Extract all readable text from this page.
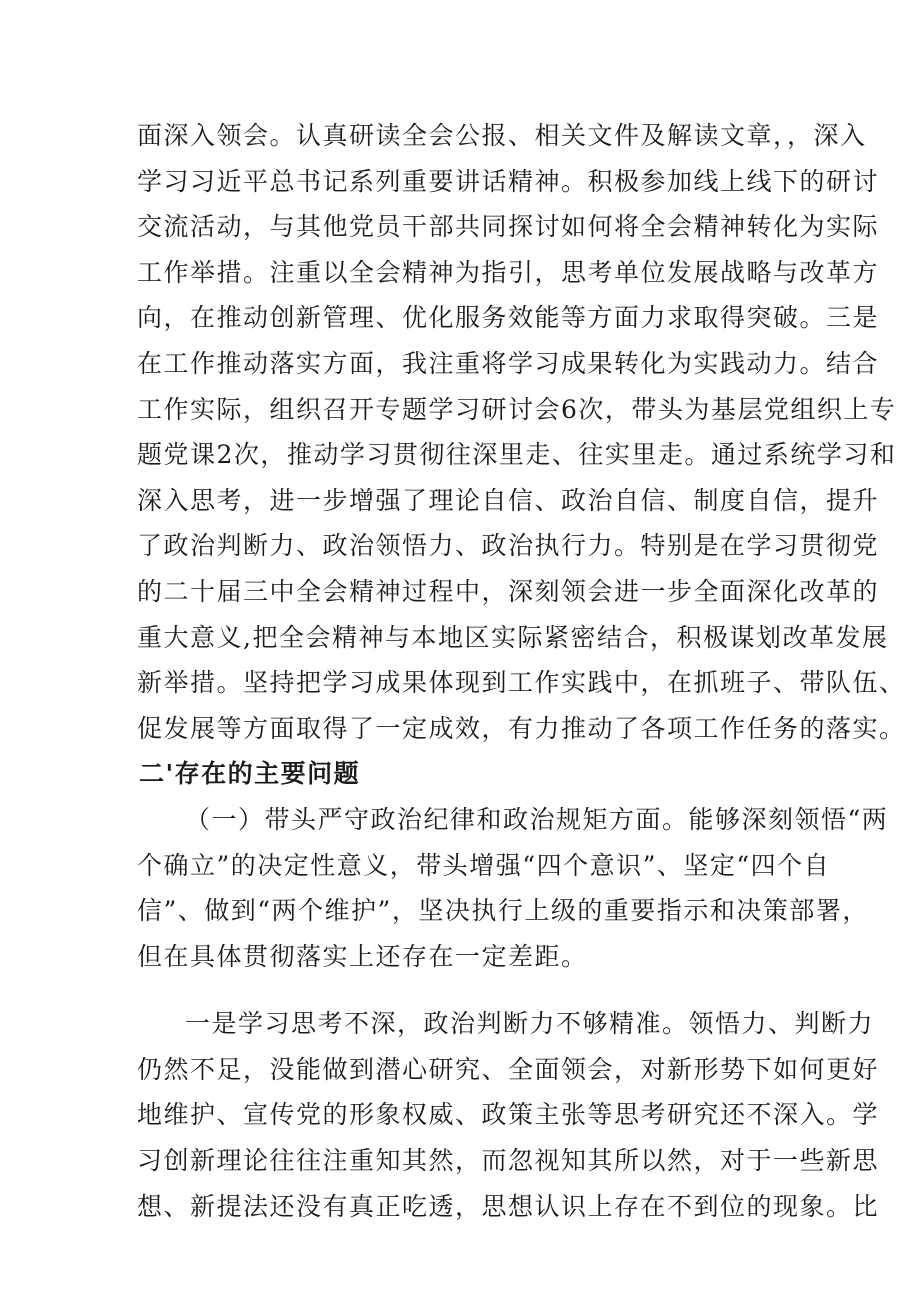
面深入领会。认真研读全会公报、相关文件及解读文章，，深入
学习习近平总书记系列重要讲话精神。积极参加线上线下的研讨
交流活动，与其他党员干部共同探讨如何将全会精神转化为实际
工作举措。注重以全会精神为指引，思考单位发展战略与改革方
向，在推动创新管理、优化服务效能等方面力求取得突破。三是
在工作推动落实方面，我注重将学习成果转化为实践动力。结合
工作实际，组织召开专题学习研讨会6次，带头为基层党组织上专
题党课2次，推动学习贯彻往深里走、往实里走。通过系统学习和
深入思考，进一步增强了理论自信、政治自信、制度自信，提升
了政治判断力、政治领悟力、政治执行力。特别是在学习贯彻党
的二十届三中全会精神过程中，深刻领会进一步全面深化改革的
重大意义,把全会精神与本地区实际紧密结合，积极谋划改革发展
新举措。坚持把学习成果体现到工作实践中，在抓班子、带队伍、
促发展等方面取得了一定成效，有力推动了各项工作任务的落实。
二'存在的主要问题
（一）带头严守政治纪律和政治规矩方面。能够深刻领悟“两
个确立”的决定性意义，带头增强“四个意识”、坚定“四个自
信”、做到“两个维护”，坚决执行上级的重要指示和决策部署，
但在具体贯彻落实上还存在一定差距。
一是学习思考不深，政治判断力不够精准。领悟力、判断力
仍然不足，没能做到潜心研究、全面领会，对新形势下如何更好
地维护、宣传党的形象权威、政策主张等思考研究还不深入。学
习创新理论往往注重知其然，而忽视知其所以然，对于一些新思
想、新提法还没有真正吃透，思想认识上存在不到位的现象。比
